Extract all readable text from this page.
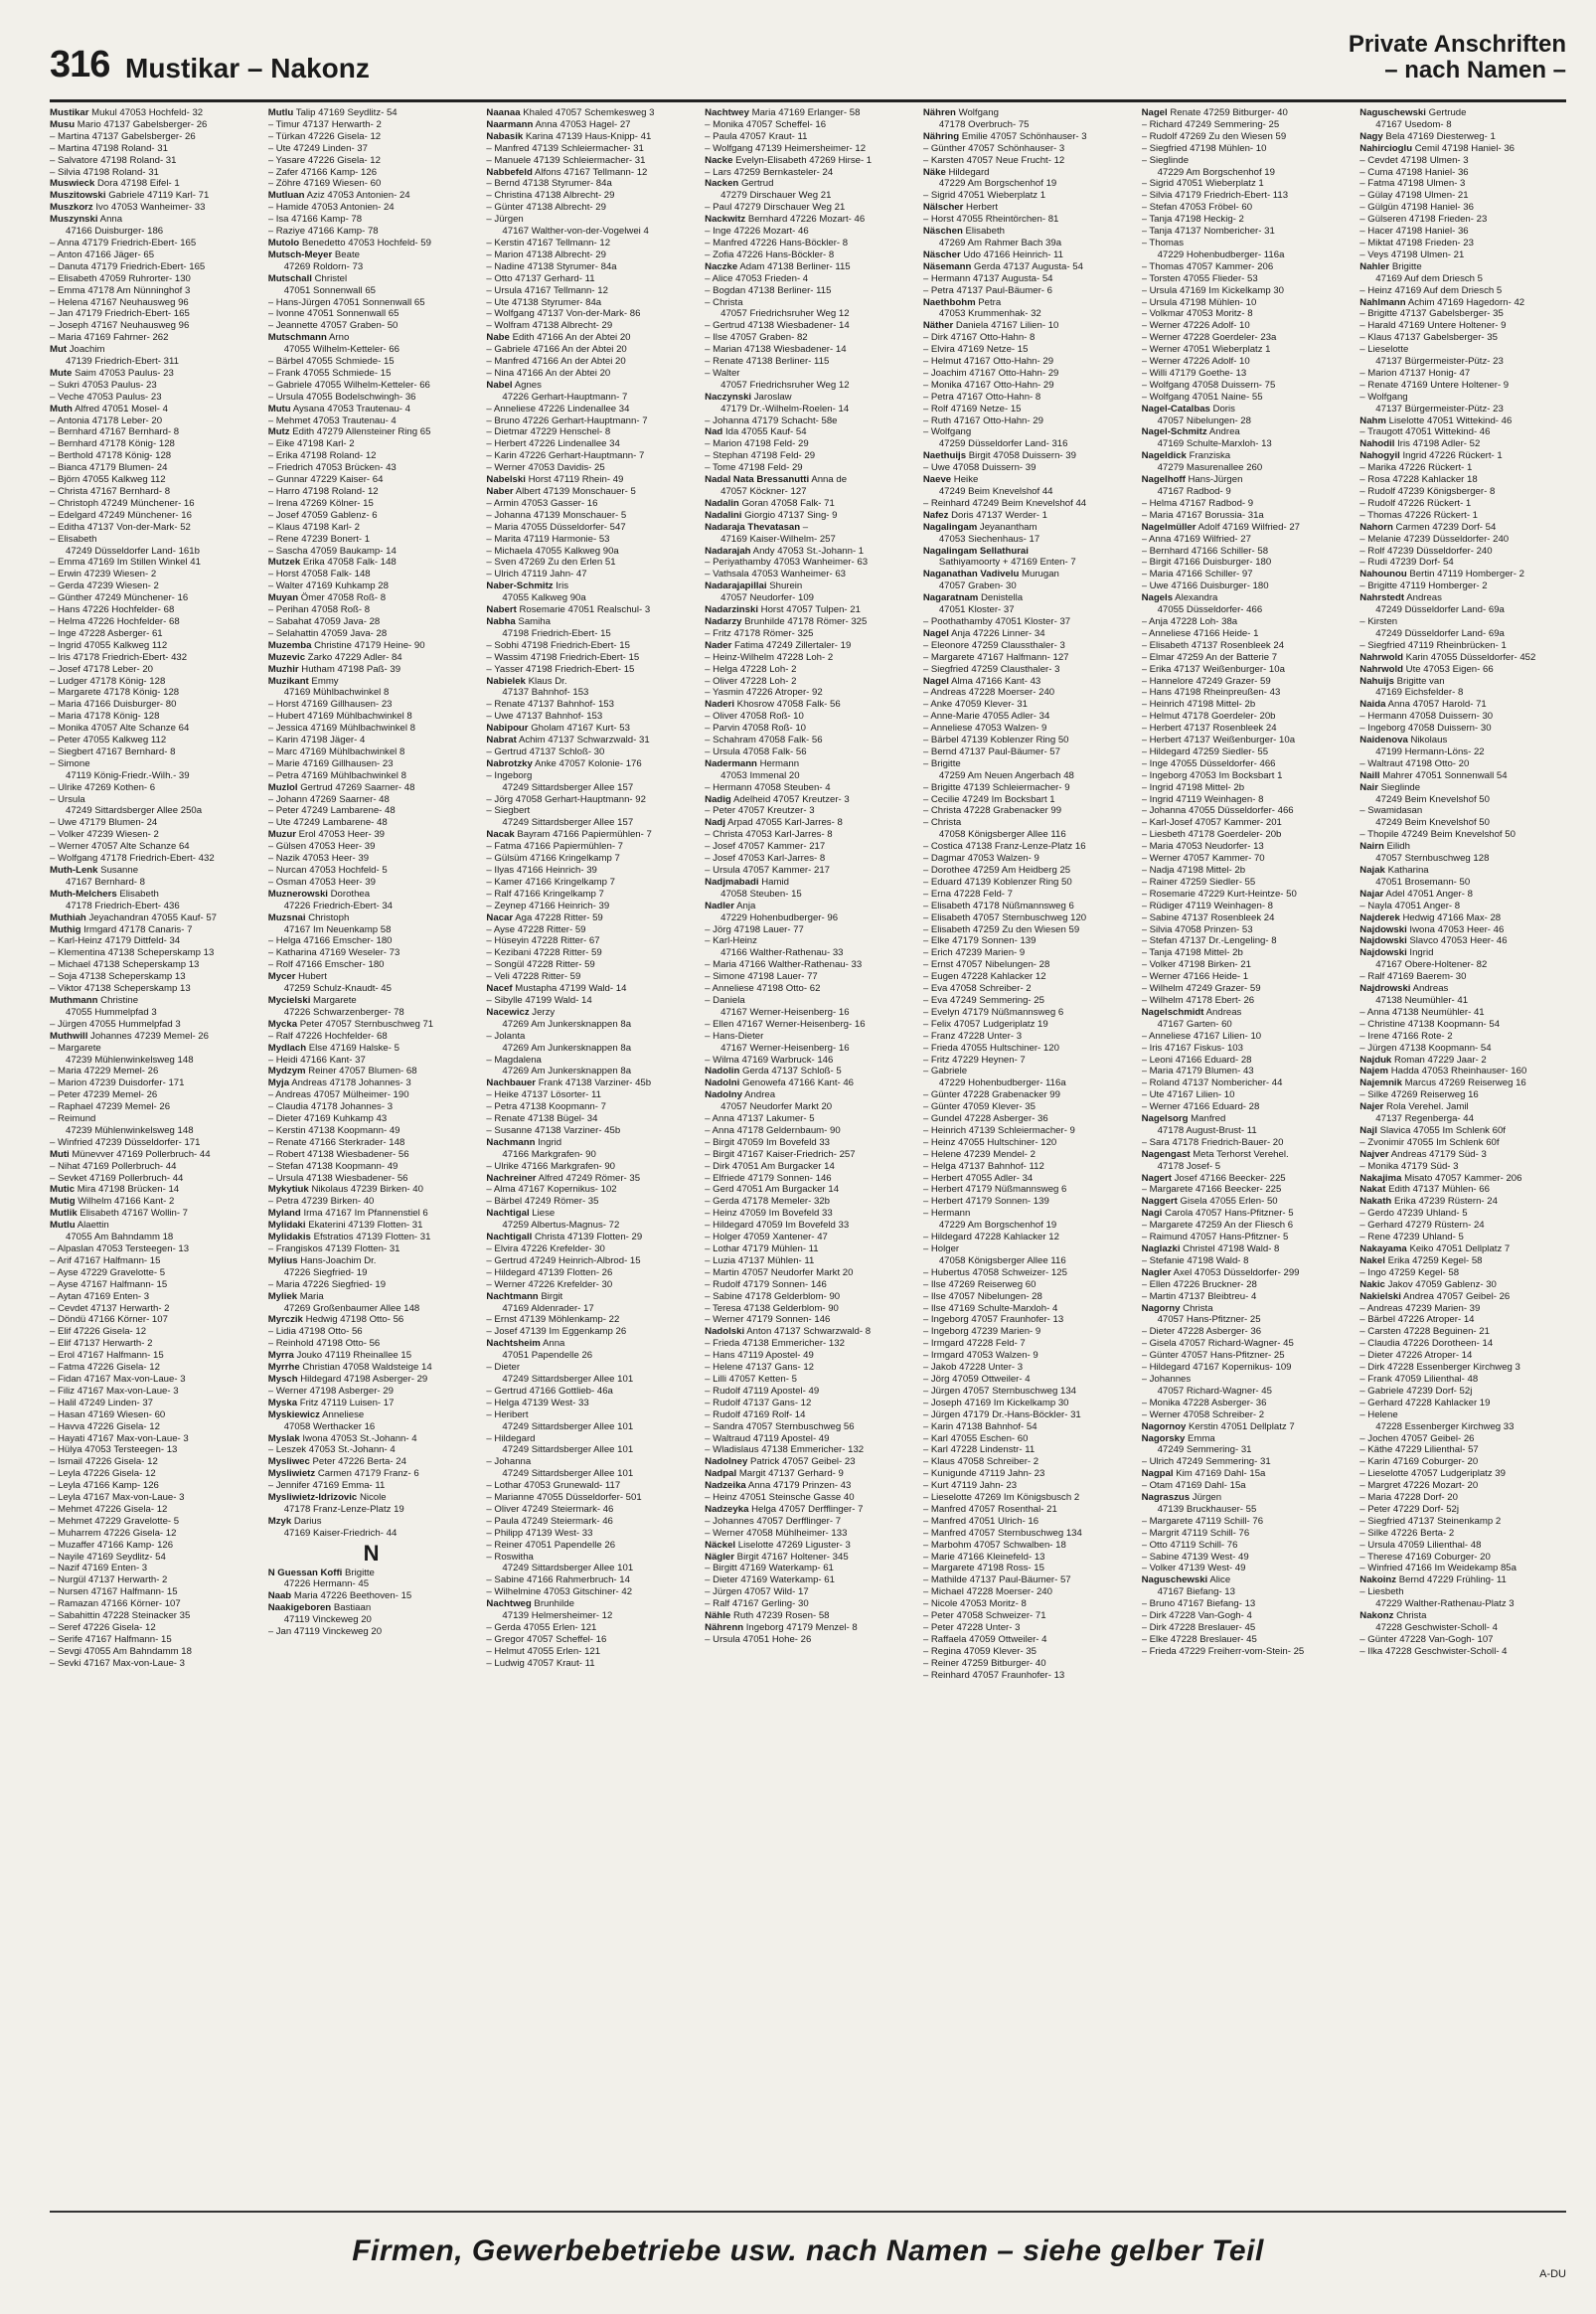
316 Mustikar – Nakonz
Private Anschriften
– nach Namen –
Mustikar Mukul 47053 Hochfeld- 32
Musu Mario 47137 Gabelsberger- 26
– Martina 47137 Gabelsberger- 26
– Martina 47198 Roland- 31
– Salvatore 47198 Roland- 31
– Silvia 47198 Roland- 31
Muswieck Dora 47198 Eifel- 1
Muszitowski Gabriele 47119 Karl- 71
Muszkorz Ivo 47053 Wanheimer- 33
Muszynski Anna
47166 Duisburger- 186
– Anna 47179 Friedrich-Ebert- 165
– Anton 47166 Jäger- 65
– Danuta 47179 Friedrich-Ebert- 165
– Elisabeth 47059 Ruhrorter- 130
– Emma 47178 Am Nünninghof 3
– Helena 47167 Neuhausweg 96
– Jan 47179 Friedrich-Ebert- 165
– Joseph 47167 Neuhausweg 96
– Maria 47169 Fahrner- 262
Mut Joachim
47139 Friedrich-Ebert- 311
Mute Saim 47053 Paulus- 23
– Sukri 47053 Paulus- 23
– Veche 47053 Paulus- 23
Muth Alfred 47051 Mosel- 4
– Antonia 47178 Leber- 20
– Bernhard 47167 Bernhard- 8
– Bernhard 47178 König- 128
– Berthold 47178 König- 128
– Bianca 47179 Blumen- 24
– Björn 47055 Kalkweg 112
– Christa 47167 Bernhard- 8
– Christoph 47249 Münchener- 16
– Edelgard 47249 Münchener- 16
– Editha 47137 Von-der-Mark- 52
– Elisabeth
47249 Düsseldorfer Land- 161b
– Emma 47169 Im Stillen Winkel 41
– Erwin 47239 Wiesen- 2
– Gerda 47239 Wiesen- 2
– Günther 47249 Münchener- 16
– Hans 47226 Hochfelder- 68
– Helma 47226 Hochfelder- 68
– Inge 47228 Asberger- 61
– Ingrid 47055 Kalkweg 112
– Iris 47178 Friedrich-Ebert- 432
– Josef 47178 Leber- 20
– Ludger 47178 König- 128
– Margarete 47178 König- 128
– Maria 47166 Duisburger- 80
– Maria 47178 König- 128
– Monika 47057 Alte Schanze 64
– Peter 47055 Kalkweg 112
– Siegbert 47167 Bernhard- 8
– Simone
47119 König-Friedr.-Wilh.- 39
– Ulrike 47269 Kothen- 6
– Ursula
47249 Sittardsberger Allee 250a
– Uwe 47179 Blumen- 24
– Volker 47239 Wiesen- 2
– Werner 47057 Alte Schanze 64
– Wolfgang 47178 Friedrich-Ebert- 432
Muth-Lenk Susanne
47167 Bernhard- 8
Muth-Melchers Elisabeth
47178 Friedrich-Ebert- 436
Muthiah Jeyachandran 47055 Kauf- 57
Muthig Irmgard 47178 Canaris- 7
– Karl-Heinz 47179 Dittfeld- 34
– Klementina 47138 Scheperskamp 13
– Michael 47138 Scheperskamp 13
– Soja 47138 Scheperskamp 13
– Viktor 47138 Scheperskamp 13
Muthmann Christine
47055 Hummelpfad 3
– Jürgen 47055 Hummelpfad 3
Muthwill Johannes 47239 Memel- 26
– Margarete
47239 Mühlenwinkelsweg 148
– Maria 47229 Memel- 26
– Marion 47239 Duisdorfer- 171
– Peter 47239 Memel- 26
– Raphael 47239 Memel- 26
– Reimund
47239 Mühlenwinkelsweg 148
– Winfried 47239 Düsseldorfer- 171
Muti Münevver 47169 Pollerbruch- 44
– Nihat 47169 Pollerbruch- 44
– Sevket 47169 Pollerbruch- 44
Mutic Mira 47198 Brücken- 14
Mutig Wilhelm 47166 Kant- 2
Mutlik Elisabeth 47167 Wollin- 7
Mutlu Alaettin
47055 Am Bahndamm 18
– Alpaslan 47053 Tersteegen- 13
– Arif 47167 Halfmann- 15
– Ayse 47229 Gravelotte- 5
– Ayse 47167 Halfmann- 15
– Aytan 47169 Enten- 3
– Cevdet 47137 Herwarth- 2
– Döndü 47166 Körner- 107
– Elif 47226 Gisela- 12
– Elif 47137 Herwarth- 2
– Erol 47167 Halfmann- 15
– Fatma 47226 Gisela- 12
– Fidan 47167 Max-von-Laue- 3
– Filiz 47167 Max-von-Laue- 3
– Halil 47249 Linden- 37
– Hasan 47169 Wiesen- 60
– Havva 47226 Gisela- 12
– Hayati 47167 Max-von-Laue- 3
– Hülya 47053 Tersteegen- 13
– Ismail 47226 Gisela- 12
– Leyla 47226 Gisela- 12
– Leyla 47166 Kamp- 126
– Leyla 47167 Max-von-Laue- 3
– Mehmet 47226 Gisela- 12
– Mehmet 47229 Gravelotte- 5
– Muharrem 47226 Gisela- 12
– Muzaffer 47166 Kamp- 126
– Nayile 47169 Seydlitz- 54
– Nazif 47169 Enten- 3
– Nurgül 47137 Herwarth- 2
– Nursen 47167 Halfmann- 15
– Ramazan 47166 Körner- 107
– Sabahittin 47228 Steinacker 35
– Seref 47226 Gisela- 12
– Serife 47167 Halfmann- 15
– Sevgi 47055 Am Bahndamm 18
– Sevki 47167 Max-von-Laue- 3
Mutlu Talip 47169 Seydlitz- 54
– Timur 47137 Herwarth- 2
– Türkan 47226 Gisela- 12
– Ute 47249 Linden- 37
– Yasare 47226 Gisela- 12
– Zafer 47166 Kamp- 126
– Zöhre 47169 Wiesen- 60
Mutluan Aziz 47053 Antonien- 24
– Hamide 47053 Antonien- 24
– Isa 47166 Kamp- 78
– Raziye 47166 Kamp- 78
Mutolo Benedetto 47053 Hochfeld- 59
Mutsch-Meyer Beate
47269 Roldorn- 73
Mutschall Christel
47051 Sonnenwall 65
– Hans-Jürgen 47051 Sonnenwall 65
– Ivonne 47051 Sonnenwall 65
– Jeannette 47057 Graben- 50
Mutschmann Arno
47055 Wilhelm-Ketteler- 66
– Bärbel 47055 Schmiede- 15
– Frank 47055 Schmiede- 15
– Gabriele 47055 Wilhelm-Ketteler- 66
– Ursula 47055 Bodelschwingh- 36
Mutu Aysana 47053 Trautenau- 4
– Mehmet 47053 Trautenau- 4
Mutz Edith 47279 Allensteiner Ring 65
– Eike 47198 Karl- 2
– Erika 47198 Roland- 12
– Friedrich 47053 Brücken- 43
– Gunnar 47229 Kaiser- 64
– Harro 47198 Roland- 12
– Irena 47269 Kölner- 15
– Josef 47059 Gablenz- 6
– Klaus 47198 Karl- 2
– Rene 47239 Bonert- 1
– Sascha 47059 Baukamp- 14
Mutzek Erika 47058 Falk- 148
– Horst 47058 Falk- 148
– Walter 47169 Kuhkamp 28
Muyan Ömer 47058 Roß- 8
– Perihan 47058 Roß- 8
– Sabahat 47059 Java- 28
– Selahattin 47059 Java- 28
Muzemba Christine 47179 Heine- 90
Muzevic Zarko 47229 Adler- 84
Muzhir Hutham 47198 Paß- 39
Muzikant Emmy
47169 Mühlbachwinkel 8
– Horst 47169 Gillhausen- 23
– Hubert 47169 Mühlbachwinkel 8
– Jessica 47169 Mühlbachwinkel 8
– Karin 47198 Jäger- 4
– Marc 47169 Mühlbachwinkel 8
– Marie 47169 Gillhausen- 23
– Petra 47169 Mühlbachwinkel 8
Muzlol Gertrud 47269 Saarner- 48
– Johann 47269 Saarner- 48
– Peter 47249 Lambarene- 48
– Ute 47249 Lambarene- 48
Muzur Erol 47053 Heer- 39
– Gülsen 47053 Heer- 39
– Nazik 47053 Heer- 39
– Nurcan 47053 Hochfeld- 5
– Osman 47053 Heer- 39
Muznerowski Dorothea
47226 Friedrich-Ebert- 34
Muzsnai Christoph
47167 Im Neuenkamp 58
– Helga 47166 Emscher- 180
– Katharina 47169 Weseler- 73
– Rolf 47166 Emscher- 180
Mycer Hubert
47259 Schulz-Knaudt- 45
Mycielski Margarete
47226 Schwarzenberger- 78
Mycka Peter 47057 Sternbuschweg 71
– Ralf 47226 Hochfelder- 68
Mydlach Else 47169 Halske- 5
– Heidi 47166 Kant- 37
Mydzym Reiner 47057 Blumen- 68
Myja Andreas 47178 Johannes- 3
– Andreas 47057 Mülheimer- 190
– Claudia 47178 Johannes- 3
– Dieter 47169 Kuhkamp 43
– Kerstin 47138 Koopmann- 49
– Renate 47166 Sterkrader- 148
– Robert 47138 Wiesbadener- 56
– Stefan 47138 Koopmann- 49
– Ursula 47138 Wiesbadener- 56
Mykytiuk Nikolaus 47239 Birken- 40
– Petra 47239 Birken- 40
Myland Irma 47167 Im Pfannenstiel 6
Mylidaki Ekaterini 47139 Flotten- 31
Mylidakis Efstratios 47139 Flotten- 31
– Frangiskos 47139 Flotten- 31
Mylius Hans-Joachim Dr.
47226 Siegfried- 19
– Maria 47226 Siegfried- 19
Myliek Maria
47269 Großenbaumer Allee 148
Myrczik Hedwig 47198 Otto- 56
– Lidia 47198 Otto- 56
– Reinhold 47198 Otto- 56
Myrra Jouko 47119 Rheinallee 15
Myrrhe Christian 47058 Waldsteige 14
Mysch Hildegard 47198 Asberger- 29
– Werner 47198 Asberger- 29
Myska Fritz 47119 Luisen- 17
Myskiewicz Anneliese
47058 Werthacker 16
Myslak Iwona 47053 St.-Johann- 4
– Leszek 47053 St.-Johann- 4
Mysliwec Peter 47226 Berta- 24
Mysliwietz Carmen 47179 Franz- 6
– Jennifer 47169 Emma- 11
Mysliwietz-Idrizovic Nicole
47178 Franz-Lenze-Platz 19
Mzyk Darius
47169 Kaiser-Friedrich- 44
N
N Guessan Koffi Brigitte
47226 Hermann- 45
Naab Maria 47226 Beethoven- 15
Naakigeboren Bastiaan
47119 Vinckeweg 20
– Jan 47119 Vinckeweg 20
Naanaa Khaled 47057 Schemkesweg 3
Naarmann Anna 47053 Hagel- 27
Nabasik Karina 47139 Haus-Knipp- 41
– Manfred 47139 Schleiermacher- 31
– Manuele 47139 Schleiermacher- 31
Nabbefeld Alfons 47167 Tellmann- 12
– Bernd 47138 Styrumer- 84a
– Christina 47138 Albrecht- 29
– Günter 47138 Albrecht- 29
– Jürgen
47167 Walther-von-der-Vogelwei 4
– Kerstin 47167 Tellmann- 12
– Marion 47138 Albrecht- 29
– Nadine 47138 Styrumer- 84a
– Otto 47137 Gerhard- 11
– Ursula 47167 Tellmann- 12
– Ute 47138 Styrumer- 84a
– Wolfgang 47137 Von-der-Mark- 86
– Wolfram 47138 Albrecht- 29
Nabe Edith 47166 An der Abtei 20
– Gabriele 47166 An der Abtei 20
– Manfred 47166 An der Abtei 20
– Nina 47166 An der Abtei 20
Nabel Agnes
47226 Gerhart-Hauptmann- 7
– Anneliese 47226 Lindenallee 34
– Bruno 47226 Gerhart-Hauptmann- 7
– Dietmar 47229 Henschel- 8
– Herbert 47226 Lindenallee 34
– Karin 47226 Gerhart-Hauptmann- 7
– Werner 47053 Davidis- 25
Nabelski Horst 47119 Rhein- 49
Naber Albert 47139 Monschauer- 5
– Armin 47053 Gasser- 16
– Johanna 47139 Monschauer- 5
– Maria 47055 Düsseldorfer- 547
– Marita 47119 Harmonie- 53
– Michaela 47055 Kalkweg 90a
– Sven 47269 Zu den Erlen 51
– Ulrich 47119 Jahn- 47
Naber-Schmitz Iris
47055 Kalkweg 90a
Nabert Rosemarie 47051 Realschul- 3
Nabha Samiha
47198 Friedrich-Ebert- 15
– Sobhi 47198 Friedrich-Ebert- 15
– Wassim 47198 Friedrich-Ebert- 15
– Yasser 47198 Friedrich-Ebert- 15
Nabielek Klaus Dr.
47137 Bahnhof- 153
– Renate 47137 Bahnhof- 153
– Uwe 47137 Bahnhof- 153
Nabipour Gholam 47167 Kurt- 53
Nabrat Achim 47137 Schwarzwald- 31
– Gertrud 47137 Schloß- 30
Nabrotzky Anke 47057 Kolonie- 176
– Ingeborg
47249 Sittardsberger Allee 157
– Jörg 47058 Gerhart-Hauptmann- 92
– Siegbert
47249 Sittardsberger Allee 157
Nacak Bayram 47166 Papiermühlen- 7
– Fatma 47166 Papiermühlen- 7
– Gülsüm 47166 Kringelkamp 7
– Ilyas 47166 Heinrich- 39
– Kamer 47166 Kringelkamp 7
– Ralf 47166 Kringelkamp 7
– Zeynep 47166 Heinrich- 39
Nacar Aga 47228 Ritter- 59
– Ayse 47228 Ritter- 59
– Hüseyin 47228 Ritter- 67
– Kezibani 47228 Ritter- 59
– Songül 47228 Ritter- 59
– Veli 47228 Ritter- 59
Nacef Mustapha 47199 Wald- 14
– Sibylle 47199 Wald- 14
Nacewicz Jerzy
47269 Am Junkersknappen 8a
– Jolanta
47269 Am Junkersknappen 8a
– Magdalena
47269 Am Junkersknappen 8a
Nachbauer Frank 47138 Varziner- 45b
– Heike 47137 Lösorter- 11
– Petra 47138 Koopmann- 7
– Renate 47138 Bügel- 34
– Susanne 47138 Varziner- 45b
Nachmann Ingrid
47166 Markgrafen- 90
– Ulrike 47166 Markgrafen- 90
Nachreiner Alfred 47249 Römer- 35
– Alma 47167 Kopernikus- 102
– Bärbel 47249 Römer- 35
Nachtigal Liese
47259 Albertus-Magnus- 72
Nachtigall Christa 47139 Flotten- 29
– Elvira 47226 Krefelder- 30
– Gertrud 47249 Heinrich-Albrod- 15
– Hildegard 47139 Flotten- 26
– Werner 47226 Krefelder- 30
Nachtmann Birgit
47169 Aldenrader- 17
– Ernst 47139 Möhlenkamp- 22
– Josef 47139 Im Eggenkamp 26
Nachtsheim Anna
47051 Papendelle 26
– Dieter
47249 Sittardsberger Allee 101
– Gertrud 47166 Gottlieb- 46a
– Helga 47139 West- 33
– Heribert
47249 Sittardsberger Allee 101
– Hildegard
47249 Sittardsberger Allee 101
– Johanna
47249 Sittardsberger Allee 101
– Lothar 47053 Grunewald- 117
– Marianne 47055 Düsseldorfer- 501
– Oliver 47249 Steiermark- 46
– Paula 47249 Steiermark- 46
– Philipp 47139 West- 33
– Reiner 47051 Papendelle 26
– Roswitha
47249 Sittardsberger Allee 101
– Sabine 47166 Rahmerbruch- 14
– Wilhelmine 47053 Gitschiner- 42
Nachtweg Brunhilde
47139 Helmersheimer- 12
– Gerda 47055 Erlen- 121
– Gregor 47057 Scheffel- 16
– Helmut 47055 Erlen- 121
– Ludwig 47057 Kraut- 11
Nachtwey Maria 47169 Erlanger- 58
– Monika 47057 Scheffel- 16
– Paula 47057 Kraut- 11
– Wolfgang 47139 Heimersheimer- 12
Nacke Evelyn-Elisabeth 47269 Hirse- 1
– Lars 47259 Bernkasteler- 24
Nacken Gertrud
47279 Dirschauer Weg 21
– Paul 47279 Dirschauer Weg 21
Nackwitz Bernhard 47226 Mozart- 46
– Inge 47226 Mozart- 46
– Manfred 47226 Hans-Böckler- 8
– Zofia 47226 Hans-Böckler- 8
Naczke Adam 47138 Berliner- 115
– Alice 47053 Frieden- 4
– Bogdan 47138 Berliner- 115
– Christa
47057 Friedrichsruher Weg 12
– Gertrud 47138 Wiesbadener- 14
– Ilse 47057 Graben- 82
– Marian 47138 Wiesbadener- 14
– Renate 47138 Berliner- 115
– Walter
47057 Friedrichsruher Weg 12
Naczynski Jaroslaw
47179 Dr.-Wilhelm-Roelen- 14
– Johanna 47179 Schacht- 58e
Nad Ida 47055 Kauf- 54
– Marion 47198 Feld- 29
– Stephan 47198 Feld- 29
– Tome 47198 Feld- 29
Nadal Nata Bressanutti Anna de
47057 Köckner- 127
Nadalin Goran 47058 Falk- 71
Nadalini Giorgio 47137 Sing- 9
Nadaraja Thevatasan –
47169 Kaiser-Wilhelm- 257
Nadarajah Andy 47053 St.-Johann- 1
– Periyathamby 47053 Wanheimer- 63
– Vathsala 47053 Wanheimer- 63
Nadarajapillai Shurein
47057 Neudorfer- 109
Nadarzinski Horst 47057 Tulpen- 21
Nadarzy Brunhilde 47178 Römer- 325
– Fritz 47178 Römer- 325
Nader Fatima 47249 Zillertaler- 19
– Heinz-Wilhelm 47228 Loh- 2
– Helga 47228 Loh- 2
– Oliver 47228 Loh- 2
– Yasmin 47226 Atroper- 92
Naderi Khosrow 47058 Falk- 56
– Oliver 47058 Roß- 10
– Parvin 47058 Roß- 10
– Schahram 47058 Falk- 56
– Ursula 47058 Falk- 56
Nadermann Hermann
47053 Immenal 20
– Hermann 47058 Steuben- 4
Nadig Adelheid 47057 Kreutzer- 3
– Peter 47057 Kreutzer- 3
Nadj Arpad 47055 Karl-Jarres- 8
– Christa 47053 Karl-Jarres- 8
– Josef 47057 Kammer- 217
– Josef 47053 Karl-Jarres- 8
– Ursula 47057 Kammer- 217
Nadjmabadi Hamid
47058 Steuben- 15
Nadler Anja
47229 Hohenbudberger- 96
– Jörg 47198 Lauer- 77
– Karl-Heinz
47166 Walther-Rathenau- 33
– Maria 47166 Walther-Rathenau- 33
– Simone 47198 Lauer- 77
– Anneliese 47198 Otto- 62
– Daniela
47167 Werner-Heisenberg- 16
– Ellen 47167 Werner-Heisenberg- 16
– Hans-Dieter
47167 Werner-Heisenberg- 16
– Wilma 47169 Warbruck- 146
Nadolin Gerda 47137 Schloß- 5
Nadolni Genowefa 47166 Kant- 46
Nadolny Andrea
47057 Neudorfer Markt 20
– Anna 47137 Lakumer- 5
– Anna 47178 Geldernbaum- 90
– Birgit 47059 Im Bovefeld 33
– Birgit 47167 Kaiser-Friedrich- 257
– Dirk 47051 Am Burgacker 14
– Elfriede 47179 Sonnen- 146
– Gerd 47051 Am Burgacker 14
– Gerda 47178 Memeler- 32b
– Heinz 47059 Im Bovefeld 33
– Hildegard 47059 Im Bovefeld 33
– Holger 47059 Xantener- 47
– Lothar 47179 Mühlen- 11
– Luzia 47137 Mühlen- 11
– Martin 47057 Neudorfer Markt 20
– Rudolf 47179 Sonnen- 146
– Sabine 47178 Gelderblom- 90
– Teresa 47138 Gelderblom- 90
– Werner 47179 Sonnen- 146
Nadolski Anton 47137 Schwarzwald- 8
– Frieda 47138 Emmericher- 132
– Hans 47119 Apostel- 49
– Helene 47137 Gans- 12
– Lilli 47057 Ketten- 5
– Rudolf 47119 Apostel- 49
– Rudolf 47137 Gans- 12
– Rudolf 47169 Rolf- 14
– Sandra 47057 Sternbuschweg 56
– Waltraud 47119 Apostel- 49
– Wladislaus 47138 Emmericher- 132
Nadolney Patrick 47057 Geibel- 23
Nadpal Margit 47137 Gerhard- 9
Nadzeika Anna 47179 Prinzen- 43
– Heinz 47051 Steinsche Gasse 40
Nadzeyka Helga 47057 Derfflinger- 7
– Johannes 47057 Derfflinger- 7
– Werner 47058 Mühlheimer- 133
Näckel Liselotte 47269 Liguster- 3
Nägler Birgit 47167 Holtener- 345
– Birgitt 47169 Waterkamp- 61
– Dieter 47169 Waterkamp- 61
– Jürgen 47057 Wild- 17
– Ralf 47167 Gerling- 30
Nähle Ruth 47239 Rosen- 58
Nährenn Ingeborg 47179 Menzel- 8
– Ursula 47051 Hohe- 26
Nähren Wolfgang
47178 Overbruch- 75
Nähring Emilie 47057 Schönhauser- 3
– Günther 47057 Schönhauser- 3
– Karsten 47057 Neue Frucht- 12
Näke Hildegard
47229 Am Borgschenhof 19
– Sigrid 47051 Wieberplatz 1
Nälscher Herbert
– Horst 47055 Rheintörchen- 81
Näschen Elisabeth
47269 Am Rahmer Bach 39a
Näscher Udo 47166 Heinrich- 11
Näsemann Gerda 47137 Augusta- 54
– Hermann 47137 Augusta- 54
– Petra 47137 Paul-Bäumer- 6
Naethbohm Petra
47053 Krummenhak- 32
Näther Daniela 47167 Lilien- 10
– Dirk 47167 Otto-Hahn- 8
– Elvira 47169 Netze- 15
– Helmut 47167 Otto-Hahn- 29
– Joachim 47167 Otto-Hahn- 29
– Monika 47167 Otto-Hahn- 29
– Petra 47167 Otto-Hahn- 8
– Rolf 47169 Netze- 15
– Ruth 47167 Otto-Hahn- 29
– Wolfgang
47259 Düsseldorfer Land- 316
Naethuijs Birgit 47058 Duissern- 39
– Uwe 47058 Duissern- 39
Naeve Heike
47249 Beim Knevelshof 44
– Reinhard 47249 Beim Knevelshof 44
Nafez Doris 47137 Werder- 1
Nagalingam Jeyanantham
47053 Siechenhaus- 17
Nagalingam Sellathurai
Sathiyamoorty + 47169 Enten- 7
Naganathan Vadivelu Murugan
47057 Graben- 30
Nagaratnam Denistella
47051 Kloster- 37
– Poothathamby 47051 Kloster- 37
Nagel Anja 47226 Linner- 34
– Eleonore 47259 Claussthaler- 3
– Margarete 47167 Halfmann- 127
– Siegfried 47259 Clausthaler- 3
Nagel Alma 47166 Kant- 43
– Andreas 47228 Moerser- 240
– Anke 47059 Klever- 31
– Anne-Marie 47055 Adler- 34
– Anneliese 47053 Walzen- 9
– Bärbel 47139 Koblenzer Ring 50
– Bernd 47137 Paul-Bäumer- 57
– Brigitte
47259 Am Neuen Angerbach 48
– Brigitte 47139 Schleiermacher- 9
– Cecilie 47249 Im Bocksbart 1
– Christa 47228 Grabenacker 99
– Christa
47058 Königsberger Allee 116
– Costica 47138 Franz-Lenze-Platz 16
– Dagmar 47053 Walzen- 9
– Dorothee 47259 Am Heidberg 25
– Eduard 47139 Koblenzer Ring 50
– Erna 47228 Feld- 7
– Elisabeth 47178 Nüßmannsweg 6
– Elisabeth 47057 Sternbuschweg 120
– Elisabeth 47259 Zu den Wiesen 59
– Elke 47179 Sonnen- 139
– Erich 47239 Marien- 9
– Ernst 47057 Nibelungen- 28
– Eugen 47228 Kahlacker 12
– Eva 47058 Schreiber- 2
– Eva 47249 Semmering- 25
– Evelyn 47179 Nüßmannsweg 6
– Felix 47057 Ludgeriplatz 19
– Franz 47228 Unter- 3
– Frieda 47055 Hultschiner- 120
– Fritz 47229 Heynen- 7
– Gabriele
47229 Hohenbudberger- 116a
– Günter 47228 Grabenacker 99
– Günter 47059 Klever- 35
– Gundel 47228 Asberger- 36
– Heinrich 47139 Schleiermacher- 9
– Heinz 47055 Hultschiner- 120
– Helene 47239 Mendel- 2
– Helga 47137 Bahnhof- 112
– Herbert 47055 Adler- 34
– Herbert 47179 Nüßmannsweg 6
– Herbert 47179 Sonnen- 139
– Hermann
47229 Am Borgschenhof 19
– Hildegard 47228 Kahlacker 12
– Holger
47058 Königsberger Allee 116
– Hubertus 47058 Schweizer- 125
– Ilse 47269 Reiserweg 60
– Ilse 47057 Nibelungen- 28
– Ilse 47169 Schulte-Marxloh- 4
– Ingeborg 47057 Fraunhofer- 13
– Ingeborg 47239 Marien- 9
– Irmgard 47228 Feld- 7
– Irmgard 47053 Walzen- 9
– Jakob 47228 Unter- 3
– Jörg 47059 Ottweiler- 4
– Jürgen 47057 Sternbuschweg 134
– Joseph 47169 Im Kickelkamp 30
– Jürgen 47179 Dr.-Hans-Böckler- 31
– Karin 47138 Bahnhof- 54
– Karl 47055 Eschen- 60
– Karl 47228 Lindenstr- 11
– Klaus 47058 Schreiber- 2
– Kunigunde 47119 Jahn- 23
– Kurt 47119 Jahn- 23
– Lieselotte 47269 Im Königsbusch 2
– Manfred 47057 Rosenthal- 21
– Manfred 47051 Ulrich- 16
– Manfred 47057 Sternbuschweg 134
– Marbohm 47057 Schwalben- 18
– Marie 47166 Kleinefeld- 13
– Margarete 47198 Ross- 15
– Mathilde 47137 Paul-Bäumer- 57
– Michael 47228 Moerser- 240
– Nicole 47053 Moritz- 8
– Peter 47058 Schweizer- 71
– Peter 47228 Unter- 3
– Raffaela 47059 Ottweiler- 4
– Regina 47059 Klever- 35
– Reiner 47259 Bitburger- 40
– Reinhard 47057 Fraunhofer- 13
Nagel Renate 47259 Bitburger- 40
– Richard 47249 Semmering- 25
– Rudolf 47269 Zu den Wiesen 59
– Siegfried 47198 Mühlen- 10
– Sieglinde
47229 Am Borgschenhof 19
– Sigrid 47051 Wieberplatz 1
– Silvia 47179 Friedrich-Ebert- 113
– Stefan 47053 Fröbel- 60
– Tanja 47198 Heckig- 2
– Tanja 47137 Nombericher- 31
– Thomas
47229 Hohenbudberger- 116a
– Thomas 47057 Kammer- 206
– Torsten 47055 Flieder- 53
– Ursula 47169 Im Kickelkamp 30
– Ursula 47198 Mühlen- 10
– Volkmar 47053 Moritz- 8
– Werner 47226 Adolf- 10
– Werner 47228 Goerdeler- 23a
– Werner 47051 Wieberplatz 1
– Werner 47226 Adolf- 10
– Willi 47179 Goethe- 13
– Wolfgang 47058 Duissern- 75
– Wolfgang 47051 Naine- 55
Nagel-Catalbas Doris
47057 Nibelungen- 28
Nagel-Schmitz Andrea
47169 Schulte-Marxloh- 13
Nageldick Franziska
47279 Masurenallee 260
Nagelhoff Hans-Jürgen
47167 Radbod- 9
– Helma 47167 Radbod- 9
– Maria 47167 Borussia- 31a
Nagelmüller Adolf 47169 Wilfried- 27
– Anna 47169 Wilfried- 27
– Bernhard 47166 Schiller- 58
– Birgit 47166 Duisburger- 180
– Maria 47166 Schiller- 97
– Uwe 47166 Duisburger- 180
Nagels Alexandra
47055 Düsseldorfer- 466
– Anja 47228 Loh- 38a
– Anneliese 47166 Heide- 1
– Elisabeth 47137 Rosenbleek 24
– Elmar 47259 An der Batterie 7
– Erika 47137 Weißenburger- 10a
– Hannelore 47249 Grazer- 59
– Hans 47198 Rheinpreußen- 43
– Heinrich 47198 Mittel- 2b
– Helmut 47178 Goerdeler- 20b
– Herbert 47137 Rosenbleek 24
– Herbert 47137 Weißenburger- 10a
– Hildegard 47259 Siedler- 55
– Inge 47055 Düsseldorfer- 466
– Ingeborg 47053 Im Bocksbart 1
– Ingrid 47198 Mittel- 2b
– Ingrid 47119 Weinhagen- 8
– Johanna 47055 Düsseldorfer- 466
– Karl-Josef 47057 Kammer- 201
– Liesbeth 47178 Goerdeler- 20b
– Maria 47053 Neudorfer- 13
– Werner 47057 Kammer- 70
– Nadja 47198 Mittel- 2b
– Rainer 47259 Siedler- 55
– Rosemarie 47229 Kurt-Heintze- 50
– Rüdiger 47119 Weinhagen- 8
– Sabine 47137 Rosenbleek 24
– Silvia 47058 Prinzen- 53
– Stefan 47137 Dr.-Lengeling- 8
– Tanja 47198 Mittel- 2b
– Volker 47198 Birken- 21
– Werner 47166 Heide- 1
– Wilhelm 47249 Grazer- 59
– Wilhelm 47178 Ebert- 26
Nagelschmidt Andreas
47167 Garten- 60
– Anneliese 47167 Lilien- 10
– Iris 47167 Fiskus- 103
– Leoni 47166 Eduard- 28
– Maria 47179 Blumen- 43
– Roland 47137 Nombericher- 44
– Ute 47167 Lilien- 10
– Werner 47166 Eduard- 28
Nagelsorg Manfred
47178 August-Brust- 11
– Sara 47178 Friedrich-Bauer- 20
Nagengast Meta Terhorst Verehel.
47178 Josef- 5
Nagert Josef 47166 Beecker- 225
– Margarete 47166 Beecker- 225
Naggert Gisela 47055 Erlen- 50
Nagi Carola 47057 Hans-Pfitzner- 5
– Margarete 47259 An der Fliesch 6
– Raimund 47057 Hans-Pfitzner- 5
Naglazki Christel 47198 Wald- 8
– Stefanie 47198 Wald- 8
Nagler Axel 47053 Düsseldorfer- 299
– Ellen 47226 Bruckner- 28
– Martin 47137 Bleibtreu- 4
Nagorny Christa
47057 Hans-Pfitzner- 25
– Dieter 47228 Asberger- 36
– Gisela 47057 Richard-Wagner- 45
– Günter 47057 Hans-Pfitzner- 25
– Hildegard 47167 Kopernikus- 109
– Johannes
47057 Richard-Wagner- 45
– Monika 47228 Asberger- 36
– Werner 47058 Schreiber- 2
Nagornoy Kerstin 47051 Dellplatz 7
Nagorsky Emma
47249 Semmering- 31
– Ulrich 47249 Semmering- 31
Nagpal Kim 47169 Dahl- 15a
– Otam 47169 Dahl- 15a
Nagraszus Jürgen
47139 Bruckhauser- 55
– Margarete 47119 Schill- 76
– Margrit 47119 Schill- 76
– Otto 47119 Schill- 76
– Sabine 47139 West- 49
– Volker 47139 West- 49
Naguschewski Alice
47167 Biefang- 13
– Bruno 47167 Biefang- 13
– Dirk 47228 Van-Gogh- 4
– Dirk 47228 Breslauer- 45
– Elke 47228 Breslauer- 45
– Frieda 47229 Freiherr-vom-Stein- 25
Naguschewski Gertrude
47167 Usedom- 8
Nagy Bela 47169 Diesterweg- 1
Nahircioglu Cemil 47198 Haniel- 36
– Cevdet 47198 Ulmen- 3
– Cuma 47198 Haniel- 36
– Fatma 47198 Ulmen- 3
– Gülay 47198 Ulmen- 21
– Gülgün 47198 Haniel- 36
– Gülseren 47198 Frieden- 23
– Hacer 47198 Haniel- 36
– Miktat 47198 Frieden- 23
– Veys 47198 Ulmen- 21
Nahler Brigitte
47169 Auf dem Driesch 5
– Heinz 47169 Auf dem Driesch 5
Nahlmann Achim 47169 Hagedorn- 42
– Brigitte 47137 Gabelsberger- 35
– Harald 47169 Untere Holtener- 9
– Klaus 47137 Gabelsberger- 35
– Lieselotte
47137 Bürgermeister-Pütz- 23
– Marion 47137 Honig- 47
– Renate 47169 Untere Holtener- 9
– Wolfgang
47137 Bürgermeister-Pütz- 23
Nahm Liselotte 47051 Wittekind- 46
– Traugott 47051 Wittekind- 46
Nahodil Iris 47198 Adler- 52
Nahogyil Ingrid 47226 Rückert- 1
– Marika 47226 Rückert- 1
– Rosa 47228 Kahlacker 18
– Rudolf 47239 Königsberger- 8
– Rudolf 47226 Rückert- 1
– Thomas 47226 Rückert- 1
Nahorn Carmen 47239 Dorf- 54
– Melanie 47239 Düsseldorfer- 240
– Rolf 47239 Düsseldorfer- 240
– Rudi 47239 Dorf- 54
Nahounou Bertin 47119 Homberger- 2
– Brigitte 47119 Homberger- 2
Nahrstedt Andreas
47249 Düsseldorfer Land- 69a
– Kirsten
47249 Düsseldorfer Land- 69a
– Siegfried 47119 Rheinbrücken- 1
Nahrwold Karin 47055 Düsseldorfer- 452
Nahrwold Ute 47053 Eigen- 66
Nahuijs Brigitte van
47169 Eichsfelder- 8
Naida Anna 47057 Harold- 71
– Hermann 47058 Duissern- 30
– Ingeborg 47058 Duissern- 30
Naidenova Nikolaus
47199 Hermann-Löns- 22
– Waltraut 47198 Otto- 20
Naill Mahrer 47051 Sonnenwall 54
Nair Sieglinde
47249 Beim Knevelshof 50
– Swamidasan
47249 Beim Knevelshof 50
– Thopile 47249 Beim Knevelshof 50
Nairn Eilidh
47057 Sternbuschweg 128
Najak Katharina
47051 Brosemann- 50
Najar Adel 47051 Anger- 8
– Nayla 47051 Anger- 8
Najderek Hedwig 47166 Max- 28
Najdowski Iwona 47053 Heer- 46
Najdowski Slavco 47053 Heer- 46
Najdowski Ingrid
47167 Obere-Holtener- 82
– Ralf 47169 Baerem- 30
Najdrowski Andreas
47138 Neumühler- 41
– Anna 47138 Neumühler- 41
– Christine 47138 Koopmann- 54
– Irene 47166 Rote- 2
– Jürgen 47138 Koopmann- 54
Najduk Roman 47229 Jaar- 2
Najem Hadda 47053 Rheinhauser- 160
Najemnik Marcus 47269 Reiserweg 16
– Silke 47269 Reiserweg 16
Najer Rola Verehel. Jamil
47137 Regenberga- 44
Najl Slavica 47055 Im Schlenk 60f
– Zvonimir 47055 Im Schlenk 60f
Najver Andreas 47179 Süd- 3
– Monika 47179 Süd- 3
Nakajima Misato 47057 Kammer- 206
Nakat Edith 47137 Mühlen- 66
Nakath Erika 47239 Rüstern- 24
– Gerdo 47239 Uhland- 5
– Gerhard 47279 Rüstern- 24
– Rene 47239 Uhland- 5
Nakayama Keiko 47051 Dellplatz 7
Nakel Erika 47259 Kegel- 58
– Ingo 47259 Kegel- 58
Nakic Jakov 47059 Gablenz- 30
Nakielski Andrea 47057 Geibel- 26
– Andreas 47239 Marien- 39
– Bärbel 47226 Atroper- 14
– Carsten 47228 Beguinen- 21
– Claudia 47226 Dorotheen- 14
– Dieter 47226 Atroper- 14
– Dirk 47228 Essenberger Kirchweg 3
– Frank 47059 Lilienthal- 48
– Gabriele 47239 Dorf- 52j
– Gerhard 47228 Kahlacker 19
– Helene
47228 Essenberger Kirchweg 33
– Jochen 47057 Geibel- 26
– Käthe 47229 Lilienthal- 57
– Karin 47169 Coburger- 20
– Lieselotte 47057 Ludgeriplatz 39
– Margret 47226 Mozart- 20
– Maria 47228 Dorf- 20
– Peter 47229 Dorf- 52j
– Siegfried 47137 Steinenkamp 2
– Silke 47226 Berta- 2
– Ursula 47059 Lilienthal- 48
– Therese 47169 Coburger- 20
– Winfried 47166 Im Weidekamp 85a
Nakoinz Bernd 47229 Frühling- 11
– Liesbeth
47229 Walther-Rathenau-Platz 3
Nakonz Christa
47228 Geschwister-Scholl- 4
– Günter 47228 Van-Gogh- 107
– Ilka 47228 Geschwister-Scholl- 4
Firmen, Gewerbebetriebe usw. nach Namen – siehe gelber Teil
A-DU
